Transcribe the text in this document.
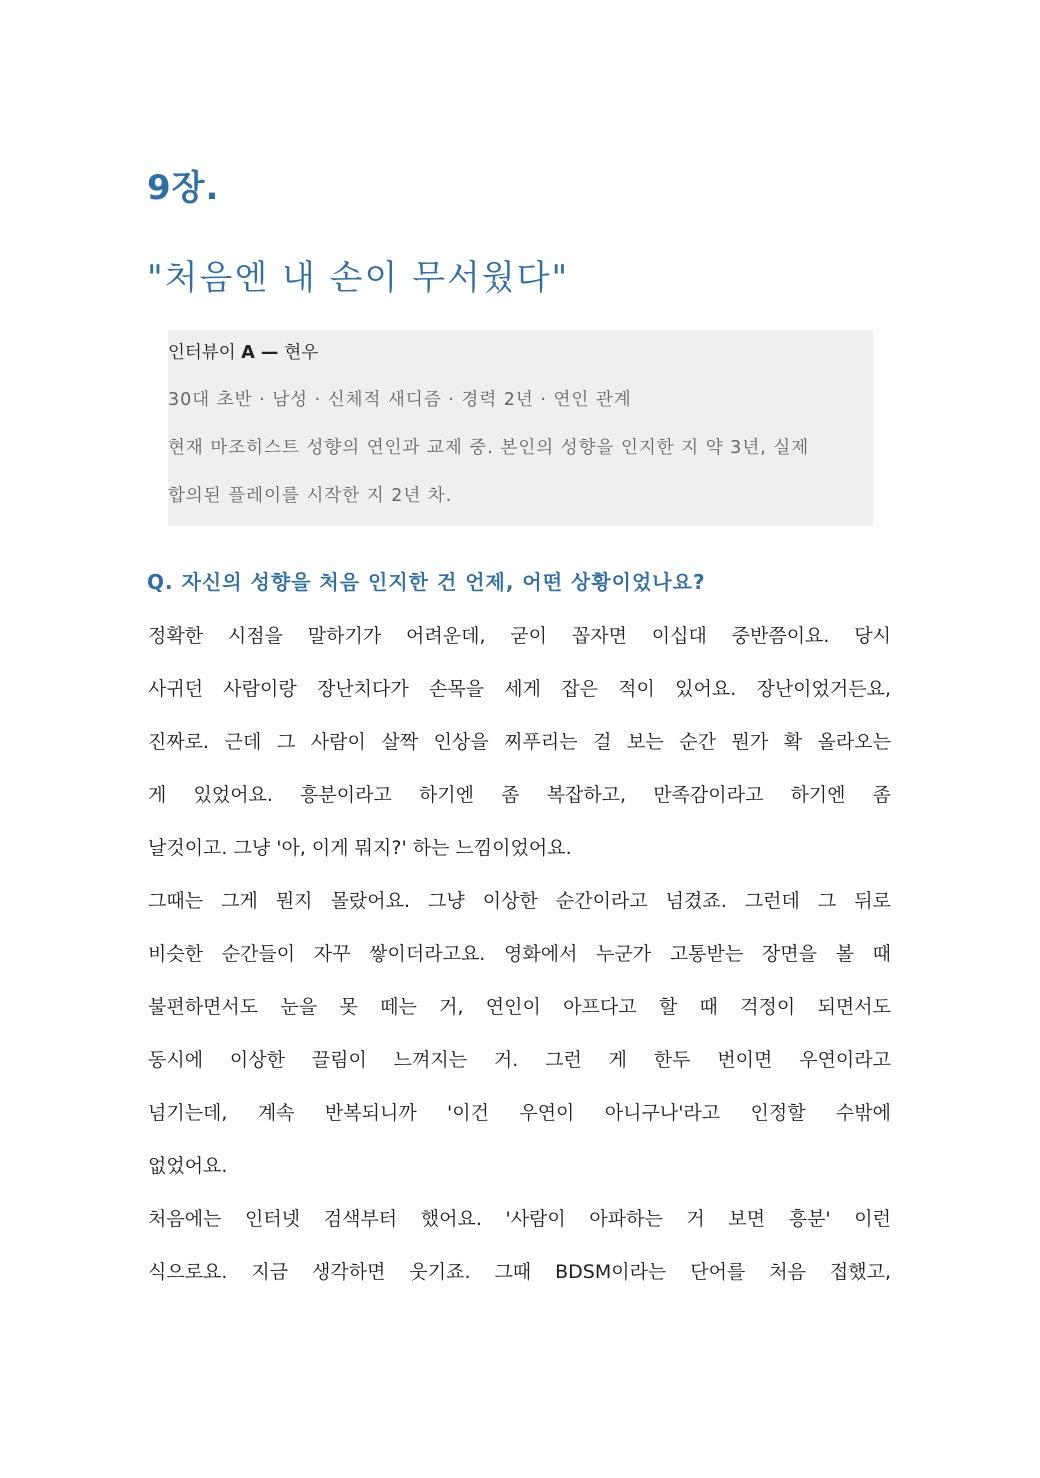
9장.
"처음엔 내 손이 무서웠다"
인터뷰이 A — 현우
30대 초반 · 남성 · 신체적 새디즘 · 경력 2년 · 연인 관계
현재 마조히스트 성향의 연인과 교제 중. 본인의 성향을 인지한 지 약 3년, 실제
합의된 플레이를 시작한 지 2년 차.
Q. 자신의 성향을 처음 인지한 건 언제, 어떤 상황이었나요?
정확한 시점을 말하기가 어려운데, 굳이 꼽자면 이십대 중반쯤이요. 당시
사귀던 사람이랑 장난치다가 손목을 세게 잡은 적이 있어요. 장난이었거든요,
진짜로. 근데 그 사람이 살짝 인상을 찌푸리는 걸 보는 순간 뭔가 확 올라오는
게 있었어요. 흥분이라고 하기엔 좀 복잡하고, 만족감이라고 하기엔 좀
날것이고. 그냥 '아, 이게 뭐지?' 하는 느낌이었어요.
그때는 그게 뭔지 몰랐어요. 그냥 이상한 순간이라고 넘겼죠. 그런데 그 뒤로
비슷한 순간들이 자꾸 쌓이더라고요. 영화에서 누군가 고통받는 장면을 볼 때
불편하면서도 눈을 못 떼는 거, 연인이 아프다고 할 때 걱정이 되면서도
동시에 이상한 끌림이 느껴지는 거. 그런 게 한두 번이면 우연이라고
넘기는데, 계속 반복되니까 '이건 우연이 아니구나'라고 인정할 수밖에
없었어요.
처음에는 인터넷 검색부터 했어요. '사람이 아파하는 거 보면 흥분' 이런
식으로요. 지금 생각하면 웃기죠. 그때 BDSM이라는 단어를 처음 접했고,
